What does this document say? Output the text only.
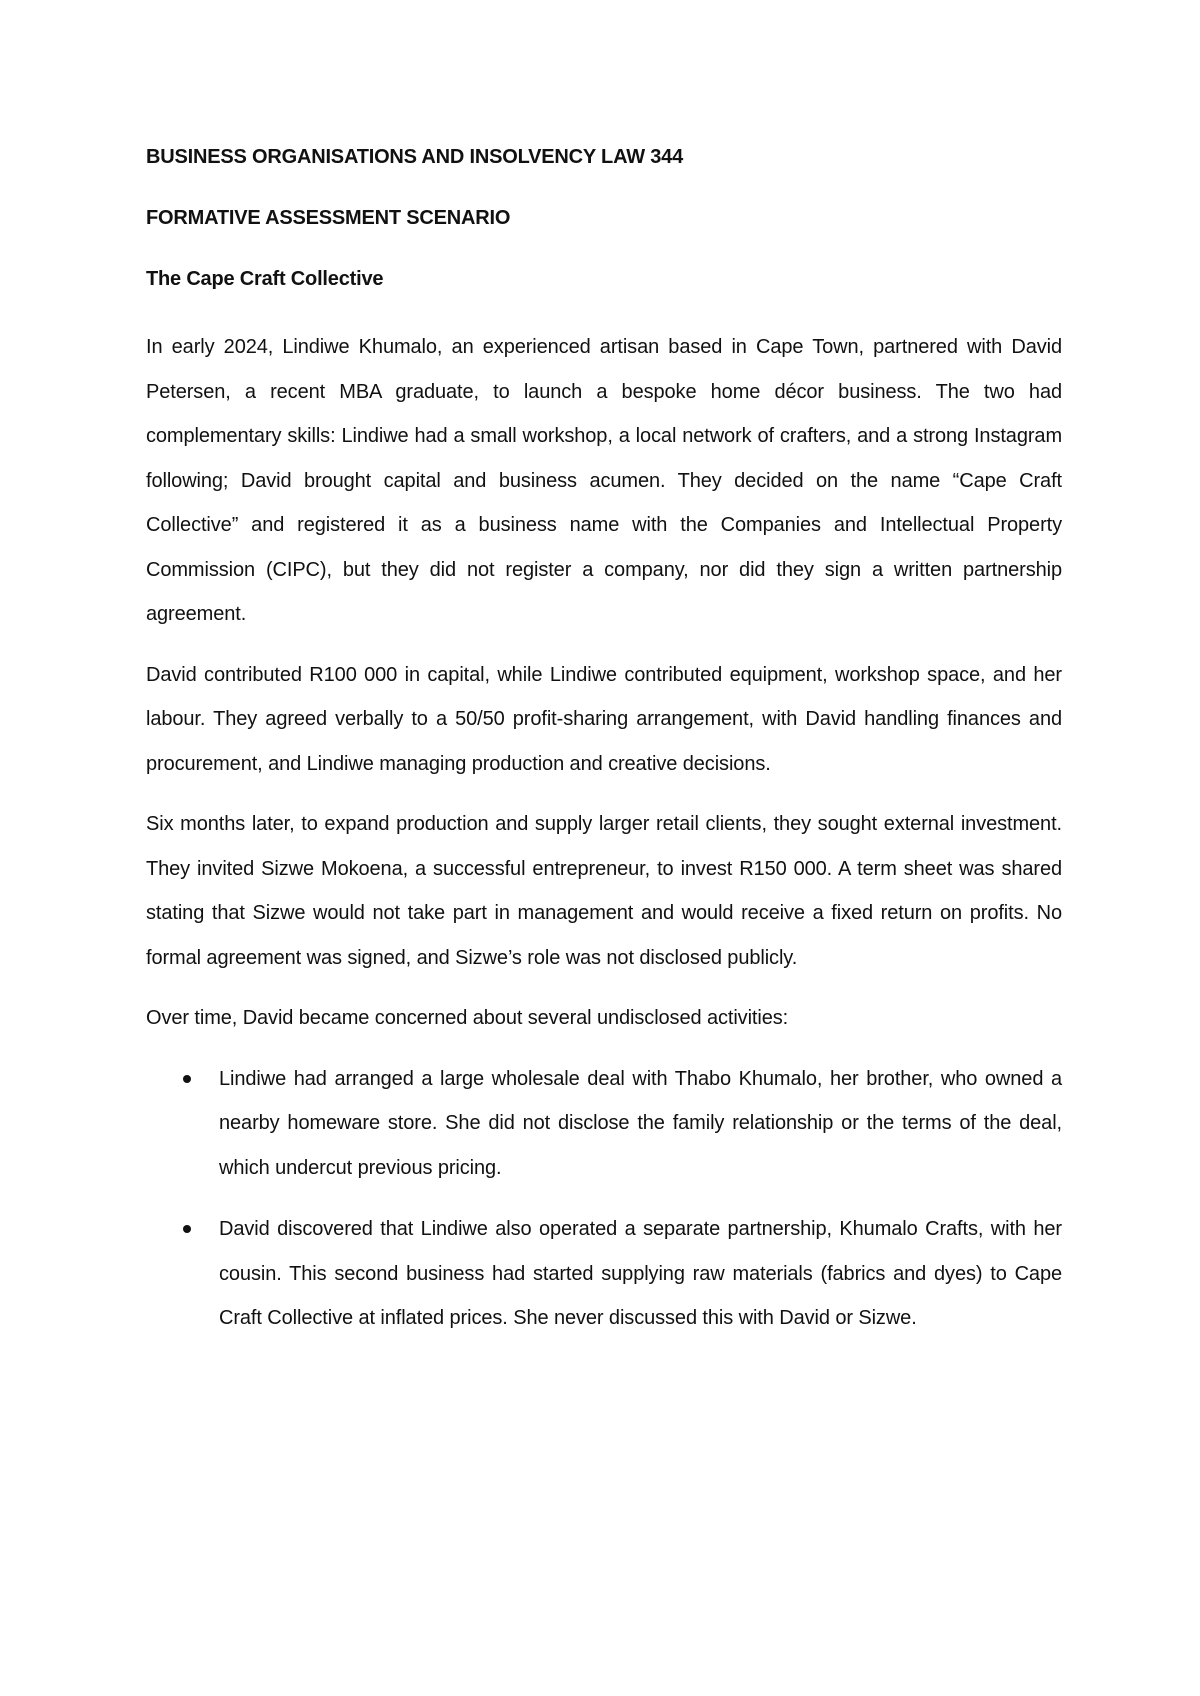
BUSINESS ORGANISATIONS AND INSOLVENCY LAW 344
FORMATIVE ASSESSMENT SCENARIO
The Cape Craft Collective

In early 2024, Lindiwe Khumalo, an experienced artisan based in Cape Town, partnered with David Petersen, a recent MBA graduate, to launch a bespoke home décor business. The two had complementary skills: Lindiwe had a small workshop, a local network of crafters, and a strong Instagram following; David brought capital and business acumen. They decided on the name “Cape Craft Collective” and registered it as a business name with the Companies and Intellectual Property Commission (CIPC), but they did not register a company, nor did they sign a written partnership agreement.

David contributed R100 000 in capital, while Lindiwe contributed equipment, workshop space, and her labour. They agreed verbally to a 50/50 profit-sharing arrangement, with David handling finances and procurement, and Lindiwe managing production and creative decisions.

Six months later, to expand production and supply larger retail clients, they sought external investment. They invited Sizwe Mokoena, a successful entrepreneur, to invest R150 000. A term sheet was shared stating that Sizwe would not take part in management and would receive a fixed return on profits. No formal agreement was signed, and Sizwe’s role was not disclosed publicly.

Over time, David became concerned about several undisclosed activities:

Lindiwe had arranged a large wholesale deal with Thabo Khumalo, her brother, who owned a nearby homeware store. She did not disclose the family relationship or the terms of the deal, which undercut previous pricing.
David discovered that Lindiwe also operated a separate partnership, Khumalo Crafts, with her cousin. This second business had started supplying raw materials (fabrics and dyes) to Cape Craft Collective at inflated prices. She never discussed this with David or Sizwe.
